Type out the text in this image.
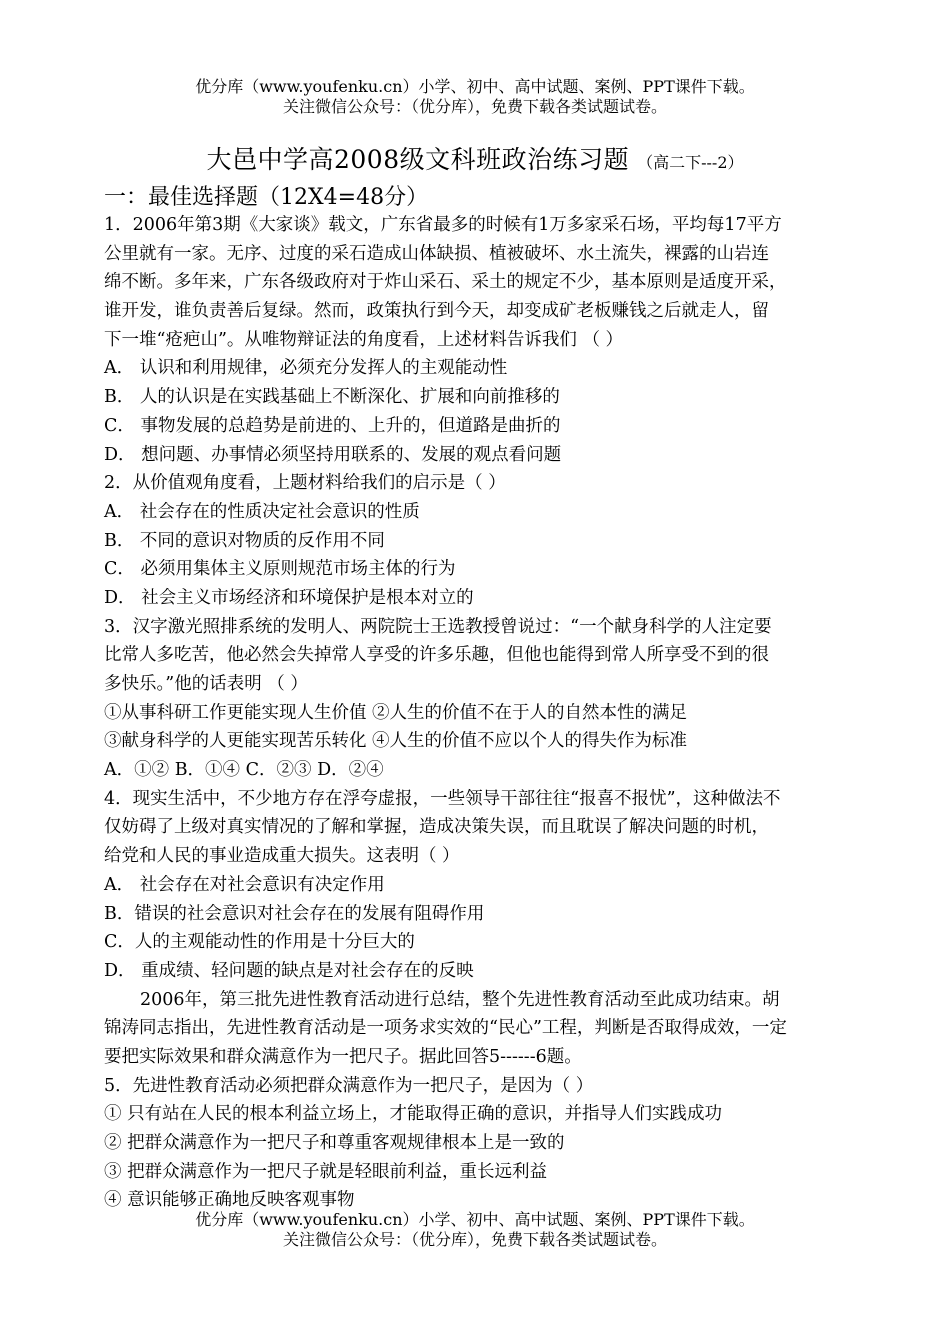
优分库（www.youfenku.cn）小学、初中、高中试题、案例、PPT课件下载。
关注微信公众号：（优分库），免费下载各类试题试卷。
大邑中学高2008级文科班政治练习题 （高二下---2）
一：最佳选择题（12X4=48分）
1．2006年第3期《大家谈》载文，广东省最多的时候有1万多家采石场，平均每17平方
公里就有一家。无序、过度的采石造成山体缺损、植被破坏、水土流失，裸露的山岩连
绵不断。多年来，广东各级政府对于炸山采石、采土的规定不少，基本原则是适度开采，
谁开发，谁负责善后复绿。然而，政策执行到今天，却变成矿老板赚钱之后就走人，留
下一堆“疮疤山”。从唯物辩证法的角度看，上述材料告诉我们 （ ）
A． 认识和利用规律，必须充分发挥人的主观能动性
B． 人的认识是在实践基础上不断深化、扩展和向前推移的
C． 事物发展的总趋势是前进的、上升的，但道路是曲折的
D． 想问题、办事情必须坚持用联系的、发展的观点看问题
2．从价值观角度看，上题材料给我们的启示是（ ）
A． 社会存在的性质决定社会意识的性质
B． 不同的意识对物质的反作用不同
C． 必须用集体主义原则规范市场主体的行为
D． 社会主义市场经济和环境保护是根本对立的
3．汉字激光照排系统的发明人、两院院士王选教授曾说过：“一个献身科学的人注定要
比常人多吃苦，他必然会失掉常人享受的许多乐趣，但他也能得到常人所享受不到的很
多快乐。”他的话表明 （ ）
①从事科研工作更能实现人生价值 ②人生的价值不在于人的自然本性的满足
③献身科学的人更能实现苦乐转化 ④人生的价值不应以个人的得失作为标准
A．①② B．①④ C．②③ D．②④
4．现实生活中，不少地方存在浮夸虚报，一些领导干部往往“报喜不报忧”，这种做法不
仅妨碍了上级对真实情况的了解和掌握，造成决策失误，而且耽误了解决问题的时机，
给党和人民的事业造成重大损失。这表明（ ）
A． 社会存在对社会意识有决定作用
B．错误的社会意识对社会存在的发展有阻碍作用
C．人的主观能动性的作用是十分巨大的
D． 重成绩、轻问题的缺点是对社会存在的反映
2006年，第三批先进性教育活动进行总结，整个先进性教育活动至此成功结束。胡
锦涛同志指出，先进性教育活动是一项务求实效的“民心”工程，判断是否取得成效，一定
要把实际效果和群众满意作为一把尺子。据此回答5------6题。
5．先进性教育活动必须把群众满意作为一把尺子，是因为（ ）
① 只有站在人民的根本利益立场上，才能取得正确的意识，并指导人们实践成功
② 把群众满意作为一把尺子和尊重客观规律根本上是一致的
③ 把群众满意作为一把尺子就是轻眼前利益，重长远利益
④ 意识能够正确地反映客观事物
优分库（www.youfenku.cn）小学、初中、高中试题、案例、PPT课件下载。
关注微信公众号：（优分库），免费下载各类试题试卷。
